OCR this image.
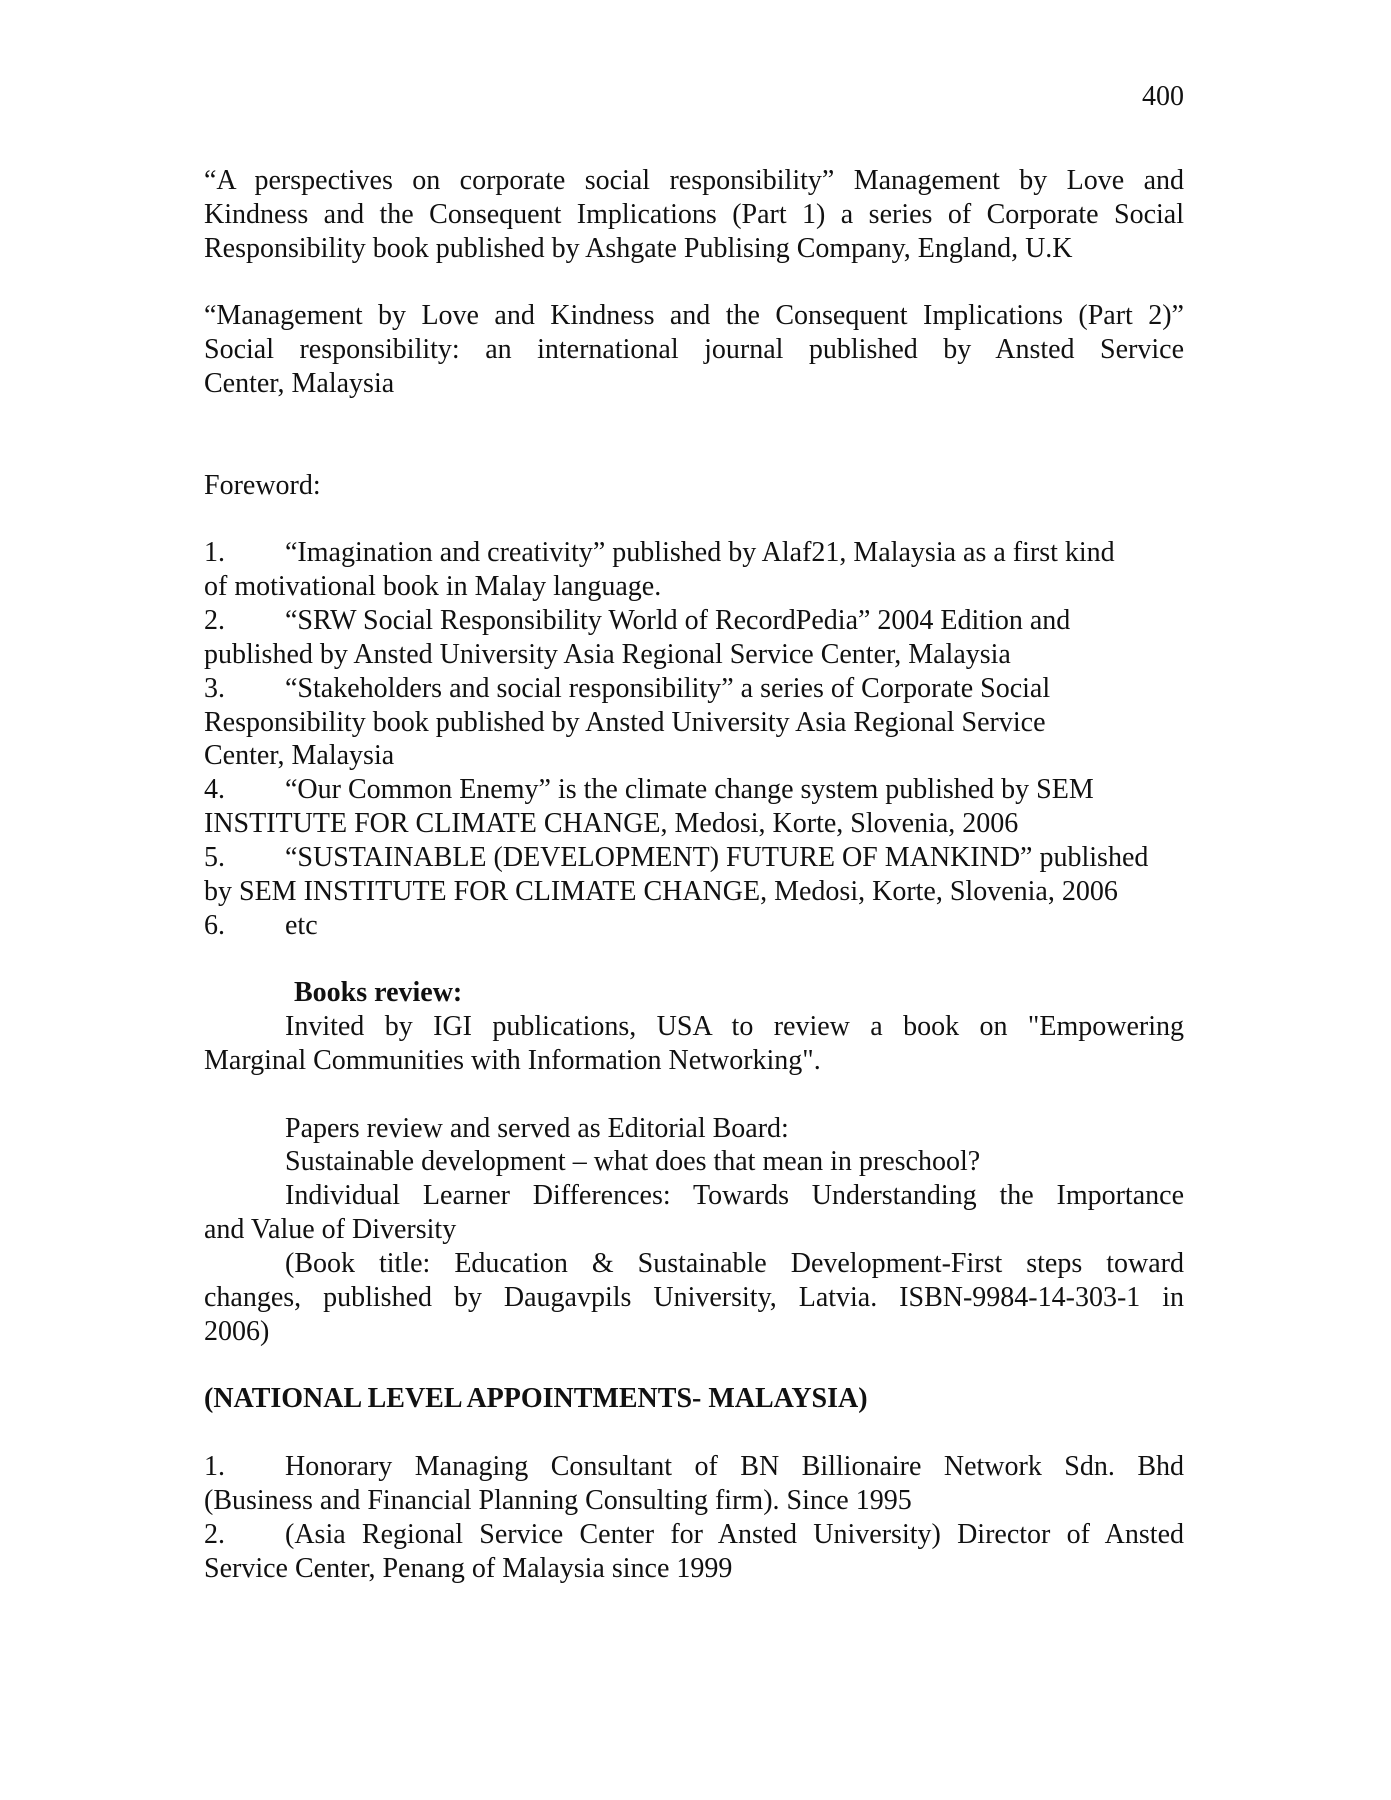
400
“A perspectives on corporate social responsibility” Management by Love and
Kindness and the Consequent Implications (Part 1) a series of Corporate Social
Responsibility book published by Ashgate Publising Company, England, U.K
“Management by Love and Kindness and the Consequent Implications (Part 2)”
Social responsibility: an international journal published by Ansted Service
Center, Malaysia
Foreword:
1. “Imagination and creativity” published by Alaf21, Malaysia as a first kind
of motivational book in Malay language.
2. “SRW Social Responsibility World of RecordPedia” 2004 Edition and
published by Ansted University Asia Regional Service Center, Malaysia
3. “Stakeholders and social responsibility” a series of Corporate Social
Responsibility book published by Ansted University Asia Regional Service
Center, Malaysia
4. “Our Common Enemy” is the climate change system published by SEM
INSTITUTE FOR CLIMATE CHANGE, Medosi, Korte, Slovenia, 2006
5. “SUSTAINABLE (DEVELOPMENT) FUTURE OF MANKIND” published
by SEM INSTITUTE FOR CLIMATE CHANGE, Medosi, Korte, Slovenia, 2006
6. etc
Books review:
Invited by IGI publications, USA to review a book on "Empowering
Marginal Communities with Information Networking".
Papers review and served as Editorial Board:
Sustainable development – what does that mean in preschool?
Individual Learner Differences: Towards Understanding the Importance
and Value of Diversity
(Book title: Education & Sustainable Development-First steps toward
changes, published by Daugavpils University, Latvia. ISBN-9984-14-303-1 in
2006)
(NATIONAL LEVEL APPOINTMENTS- MALAYSIA)
1. Honorary Managing Consultant of BN Billionaire Network Sdn. Bhd
(Business and Financial Planning Consulting firm). Since 1995
2. (Asia Regional Service Center for Ansted University) Director of Ansted
Service Center, Penang of Malaysia since 1999
